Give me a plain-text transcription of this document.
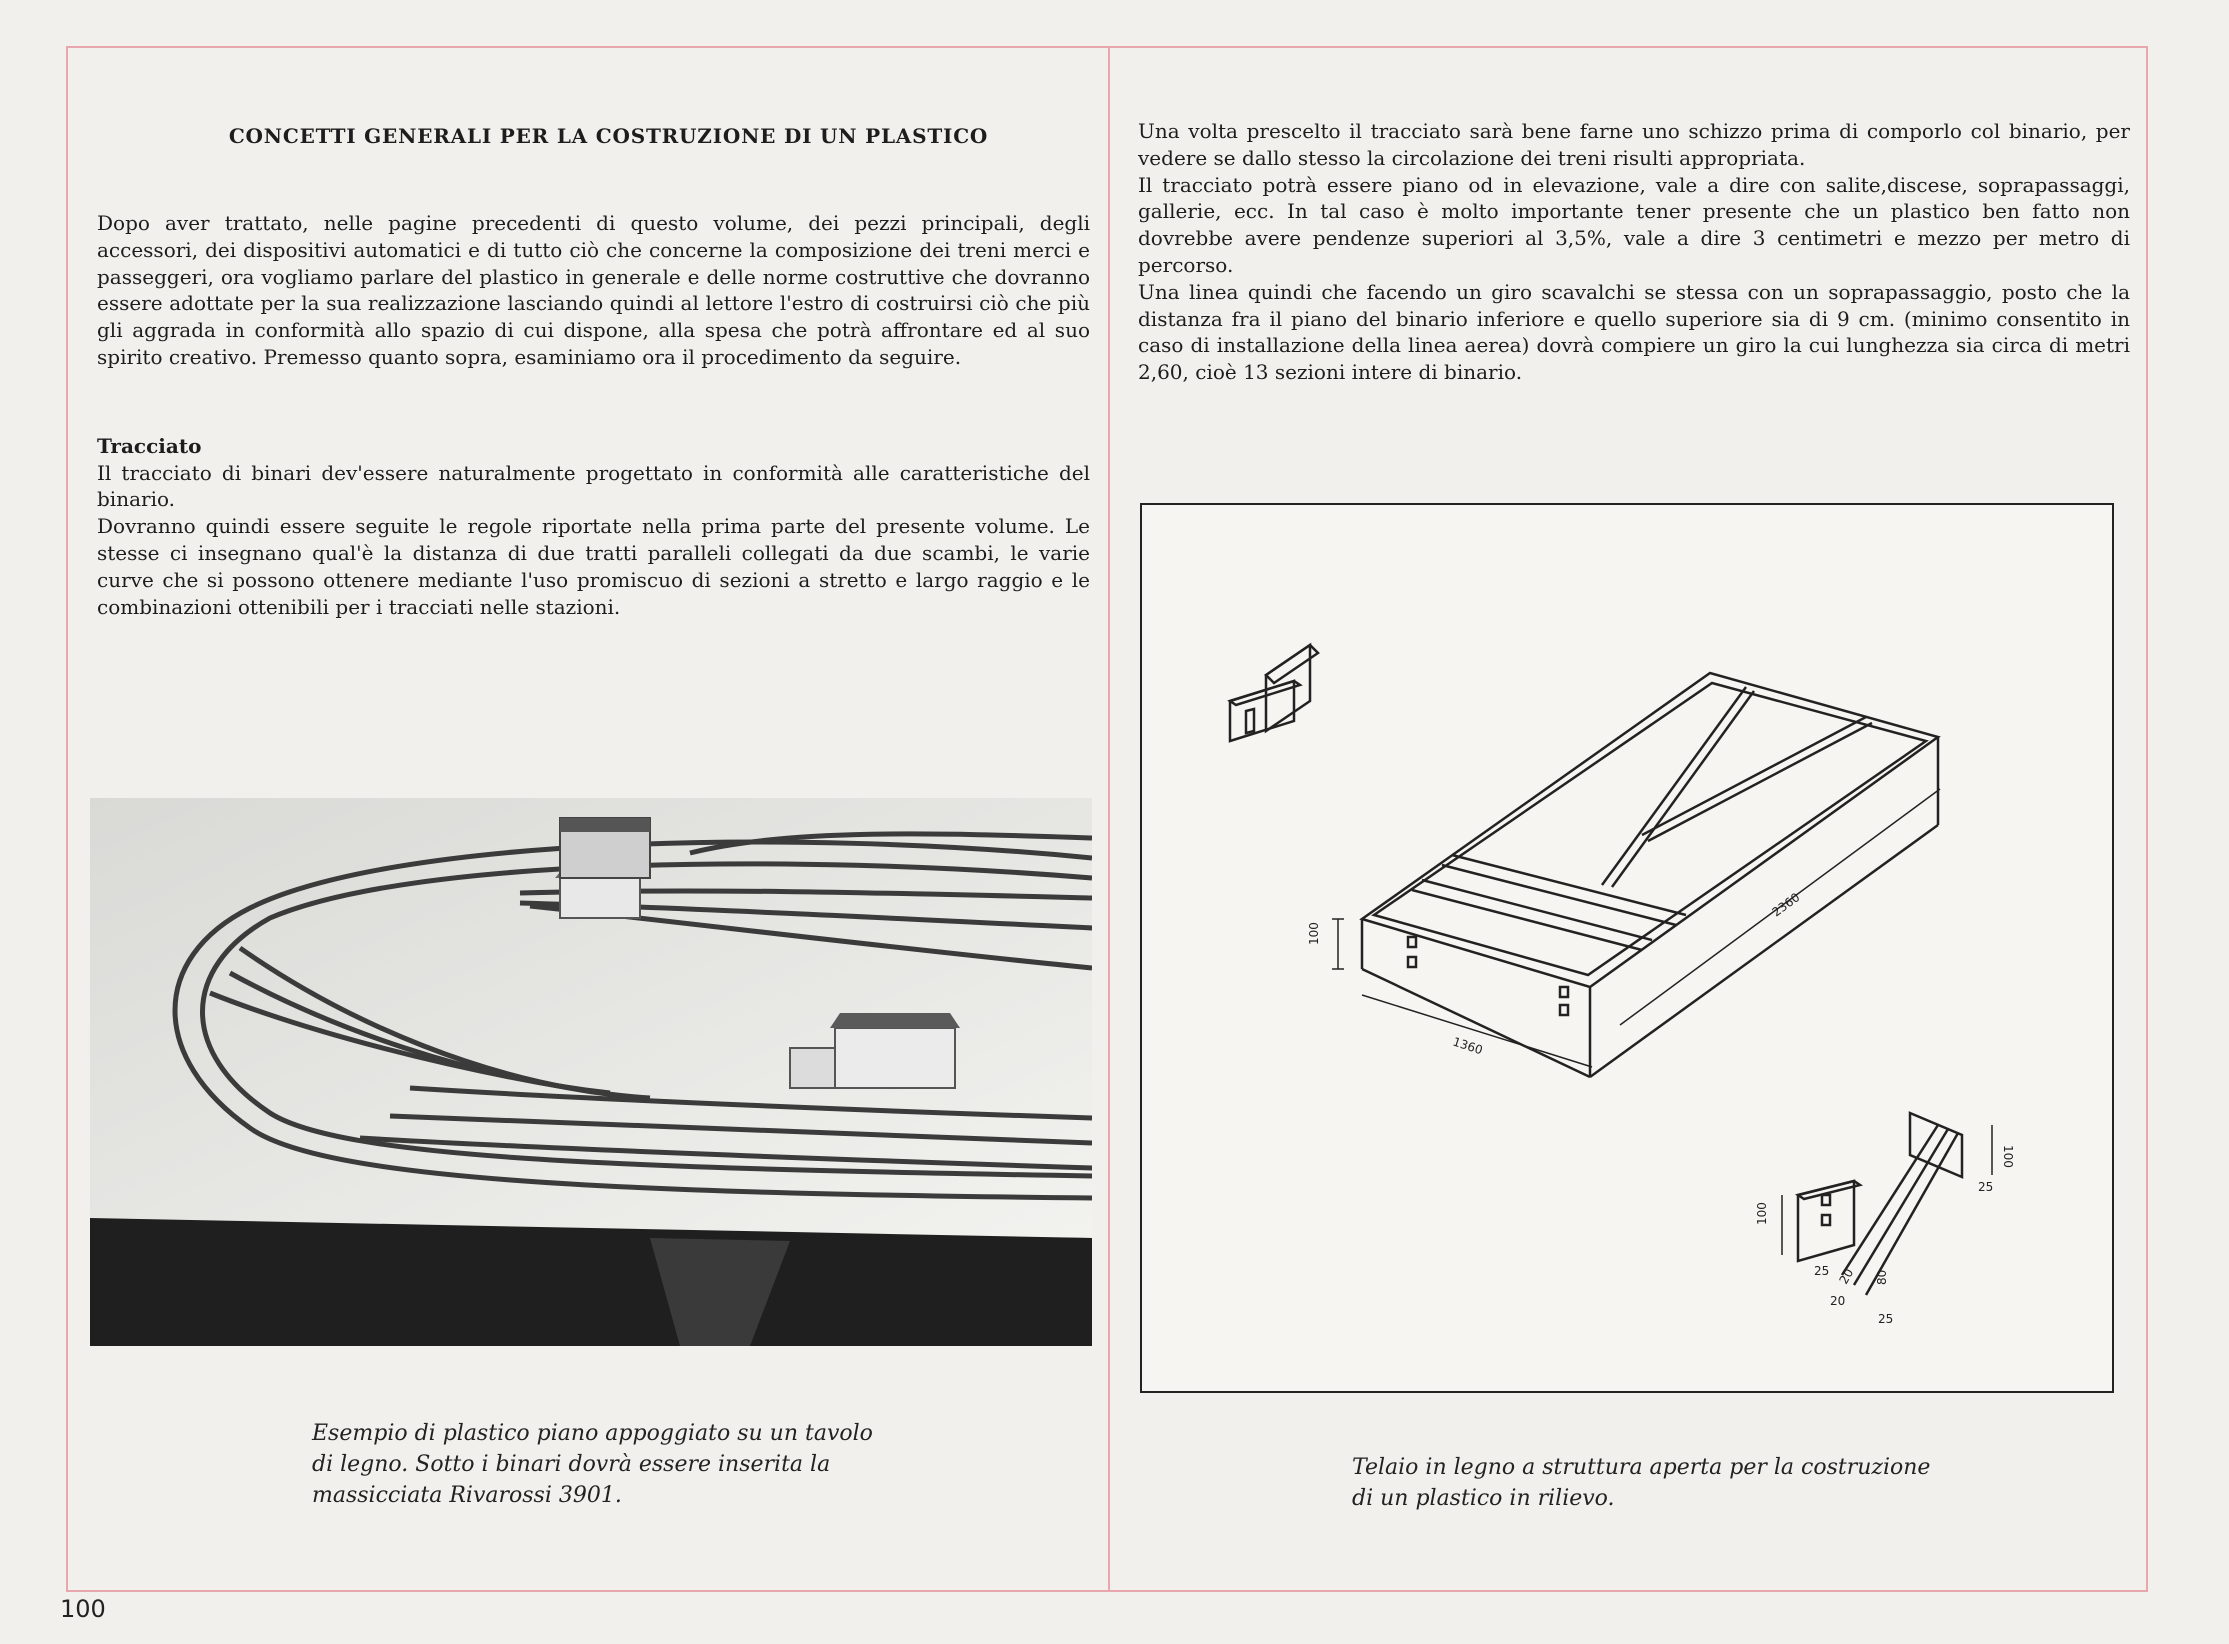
CONCETTI GENERALI PER LA COSTRUZIONE DI UN PLASTICO

Dopo aver trattato, nelle pagine precedenti di questo volume, dei pezzi principali, degli accessori, dei dispositivi automatici e di tutto ciò che concerne la composizione dei treni merci e passeggeri, ora vogliamo parlare del plastico in generale e delle norme costruttive che dovranno essere adottate per la sua realizzazione lasciando quindi al lettore l'estro di costruirsi ciò che più gli aggrada in conformità allo spazio di cui dispone, alla spesa che potrà affrontare ed al suo spirito creativo. Premesso quanto sopra, esaminiamo ora il procedimento da seguire.

Tracciato

Il tracciato di binari dev'essere naturalmente progettato in conformità alle caratteristiche del binario.

Dovranno quindi essere seguite le regole riportate nella prima parte del presente volume. Le stesse ci insegnano qual'è la distanza di due tratti paralleli collegati da due scambi, le varie curve che si possono ottenere mediante l'uso promiscuo di sezioni a stretto e largo raggio e le combinazioni ottenibili per i tracciati nelle stazioni.

Una volta prescelto il tracciato sarà bene farne uno schizzo prima di comporlo col binario, per vedere se dallo stesso la circolazione dei treni risulti appropriata.

Il tracciato potrà essere piano od in elevazione, vale a dire con salite,discese, soprapassaggi, gallerie, ecc. In tal caso è molto importante tener presente che un plastico ben fatto non dovrebbe avere pendenze superiori al 3,5%, vale a dire 3 centimetri e mezzo per metro di percorso.

Una linea quindi che facendo un giro scavalchi se stessa con un soprapassaggio, posto che la distanza fra il piano del binario inferiore e quello superiore sia di 9 cm. (minimo consentito in caso di installazione della linea aerea) dovrà compiere un giro la cui lunghezza sia circa di metri 2,60, cioè 13 sezioni intere di binario.

1360
2360
100
100
100
25
25
25
20
20 80
Esempio di plastico piano appoggiato su un tavolo di legno. Sotto i binari dovrà essere inserita la massicciata Rivarossi 3901.
Telaio in legno a struttura aperta per la costruzione di un plastico in rilievo.
100
